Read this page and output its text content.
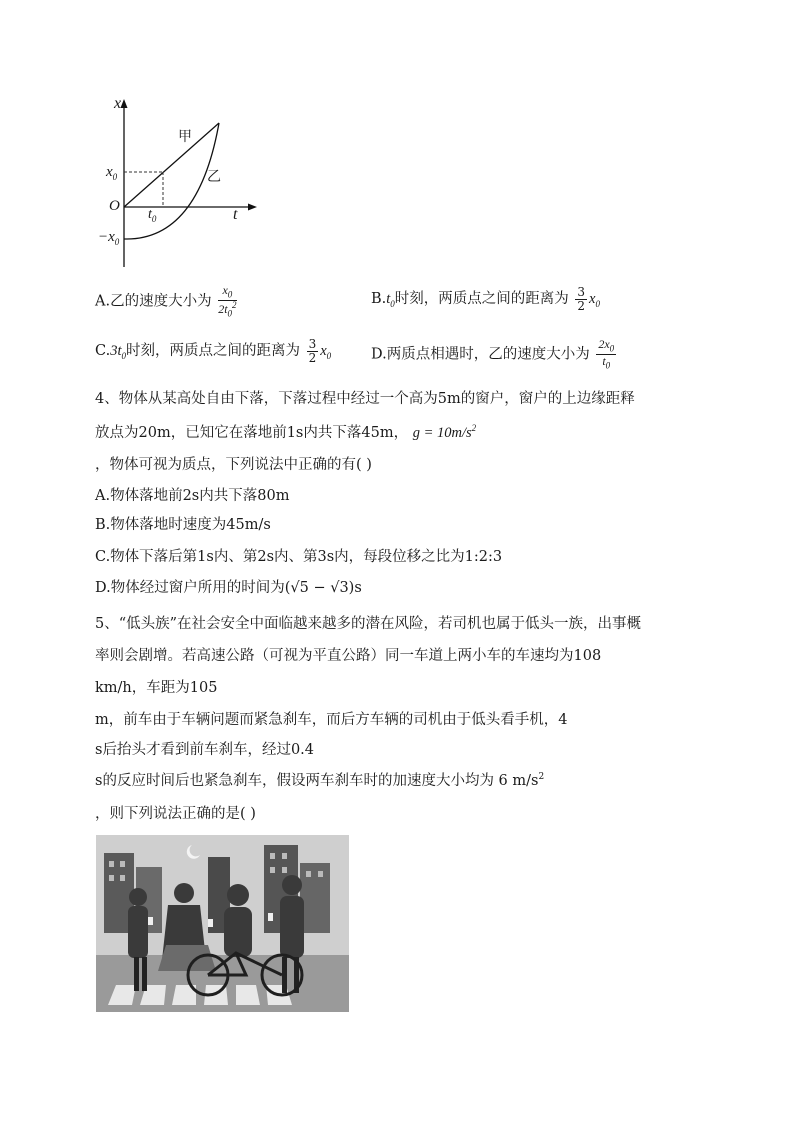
x
t
O
$x_0$
$-x_0$
$t_0$
甲
乙
A.乙的速度大小为 $\frac{x_0}{2t_0^2}$	$B.t_0$时刻，两质点之间的距离为 $\frac{3}{2} x_0$
$C.3t_0$时刻，两质点之间的距离为 $\frac{3}{2} x_0$	D.两质点相遇时，乙的速度大小为 $\frac{2x_0}{t_0}$
4、物体从某高处自由下落，下落过程中经过一个高为5m的窗户，窗户的上边缘距释
放点为20m，已知它在落地前1s内共下落45m， $g = 10m/s^2$
，物体可视为质点，下列说法中正确的有( )
A.物体落地前2s内共下落80m
B.物体落地时速度为45m/s
C.物体下落后第1s内、第2s内、第3s内，每段位移之比为1:2:3
D.物体经过窗户所用的时间为(√5 − √3)s
5、“低头族”在社会安全中面临越来越多的潜在风险，若司机也属于低头一族，出事概
率则会剧增。若高速公路（可视为平直公路）同一车道上两小车的车速均为108
km/h，车距为105
m，前车由于车辆问题而紧急刹车，而后方车辆的司机由于低头看手机，4
s后抬头才看到前车刹车，经过0.4
s的反应时间后也紧急刹车，假设两车刹车时的加速度大小均为 6 $m/s^2$
，则下列说法正确的是( )
